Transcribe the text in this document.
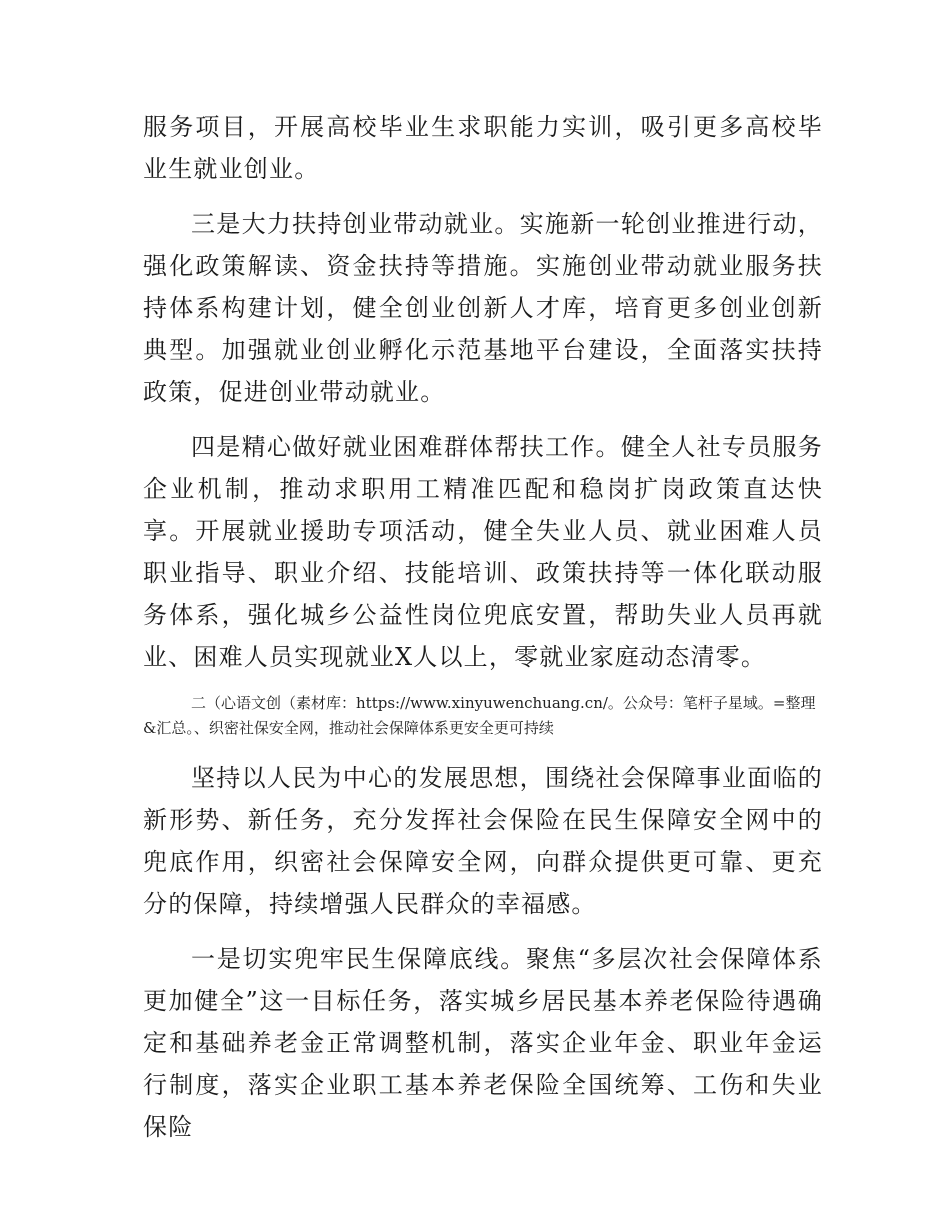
服务项目，开展高校毕业生求职能力实训，吸引更多高校毕业生就业创业。

三是大力扶持创业带动就业。实施新一轮创业推进行动，强化政策解读、资金扶持等措施。实施创业带动就业服务扶持体系构建计划，健全创业创新人才库，培育更多创业创新典型。加强就业创业孵化示范基地平台建设，全面落实扶持政策，促进创业带动就业。

四是精心做好就业困难群体帮扶工作。健全人社专员服务企业机制，推动求职用工精准匹配和稳岗扩岗政策直达快享。开展就业援助专项活动，健全失业人员、就业困难人员职业指导、职业介绍、技能培训、政策扶持等一体化联动服务体系，强化城乡公益性岗位兜底安置，帮助失业人员再就业、困难人员实现就业X人以上，零就业家庭动态清零。

二（心语文创（素材库：https://www.xinyuwenchuang.cn/。公众号：笔杆子星域。=整理&汇总。、织密社保安全网，推动社会保障体系更安全更可持续

坚持以人民为中心的发展思想，围绕社会保障事业面临的新形势、新任务，充分发挥社会保险在民生保障安全网中的兜底作用，织密社会保障安全网，向群众提供更可靠、更充分的保障，持续增强人民群众的幸福感。

一是切实兜牢民生保障底线。聚焦“多层次社会保障体系更加健全”这一目标任务，落实城乡居民基本养老保险待遇确定和基础养老金正常调整机制，落实企业年金、职业年金运行制度，落实企业职工基本养老保险全国统筹、工伤和失业保险
